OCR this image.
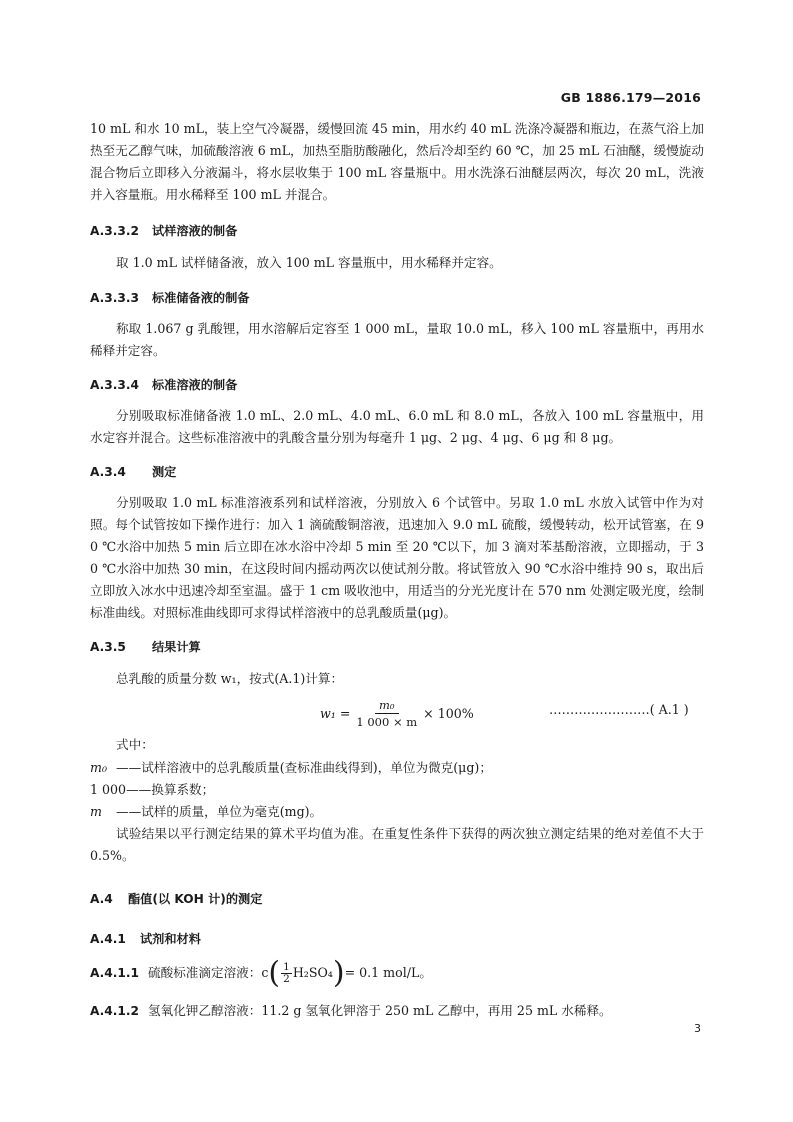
GB 1886.179—2016
10 mL 和水 10 mL，装上空气冷凝器，缓慢回流 45 min，用水约 40 mL 洗涤冷凝器和瓶边，在蒸气浴上加热至无乙醇气味，加硫酸溶液 6 mL，加热至脂肪酸融化，然后冷却至约 60 ℃，加 25 mL 石油醚，缓慢旋动混合物后立即移入分液漏斗，将水层收集于 100 mL 容量瓶中。用水洗涤石油醚层两次，每次 20 mL，洗液并入容量瓶。用水稀释至 100 mL 并混合。
A.3.3.2 试样溶液的制备
取 1.0 mL 试样储备液，放入 100 mL 容量瓶中，用水稀释并定容。
A.3.3.3 标准储备液的制备
称取 1.067 g 乳酸锂，用水溶解后定容至 1 000 mL，量取 10.0 mL，移入 100 mL 容量瓶中，再用水稀释并定容。
A.3.3.4 标准溶液的制备
分别吸取标准储备液 1.0 mL、2.0 mL、4.0 mL、6.0 mL 和 8.0 mL，各放入 100 mL 容量瓶中，用水定容并混合。这些标准溶液中的乳酸含量分别为每毫升 1 μg、2 μg、4 μg、6 μg 和 8 μg。
A.3.4 测定
分别吸取 1.0 mL 标准溶液系列和试样溶液，分别放入 6 个试管中。另取 1.0 mL 水放入试管中作为对照。每个试管按如下操作进行：加入 1 滴硫酸铜溶液，迅速加入 9.0 mL 硫酸，缓慢转动，松开试管塞，在 90 ℃水浴中加热 5 min 后立即在冰水浴中冷却 5 min 至 20 ℃以下，加 3 滴对苯基酚溶液，立即摇动，于 30 ℃水浴中加热 30 min，在这段时间内摇动两次以使试剂分散。将试管放入 90 ℃水浴中维持 90 s，取出后立即放入冰水中迅速冷却至室温。盛于 1 cm 吸收池中，用适当的分光光度计在 570 nm 处测定吸光度，绘制标准曲线。对照标准曲线即可求得试样溶液中的总乳酸质量(μg)。
A.3.5 结果计算
总乳酸的质量分数 w₁，按式(A.1)计算：
$w_1 = \frac{\text{m₀}}{1 000 \times m} \times 100\%$	……………………( A.1 )
式中：
m₀ ——试样溶液中的总乳酸质量(查标准曲线得到)，单位为微克(μg)；
1 000——换算系数；
m ——试样的质量，单位为毫克(mg)。
试验结果以平行测定结果的算术平均值为准。在重复性条件下获得的两次独立测定结果的绝对差值不大于 0.5%。
A.4 酯值(以 KOH 计)的测定
A.4.1 试剂和材料
A.4.1.1 硫酸标准滴定溶液：$c( \frac{1}{2} H_2SO_4)= 0.1$ mol/L。
A.4.1.2 氢氧化钾乙醇溶液：11.2 g 氢氧化钾溶于 250 mL 乙醇中，再用 25 mL 水稀释。
3
